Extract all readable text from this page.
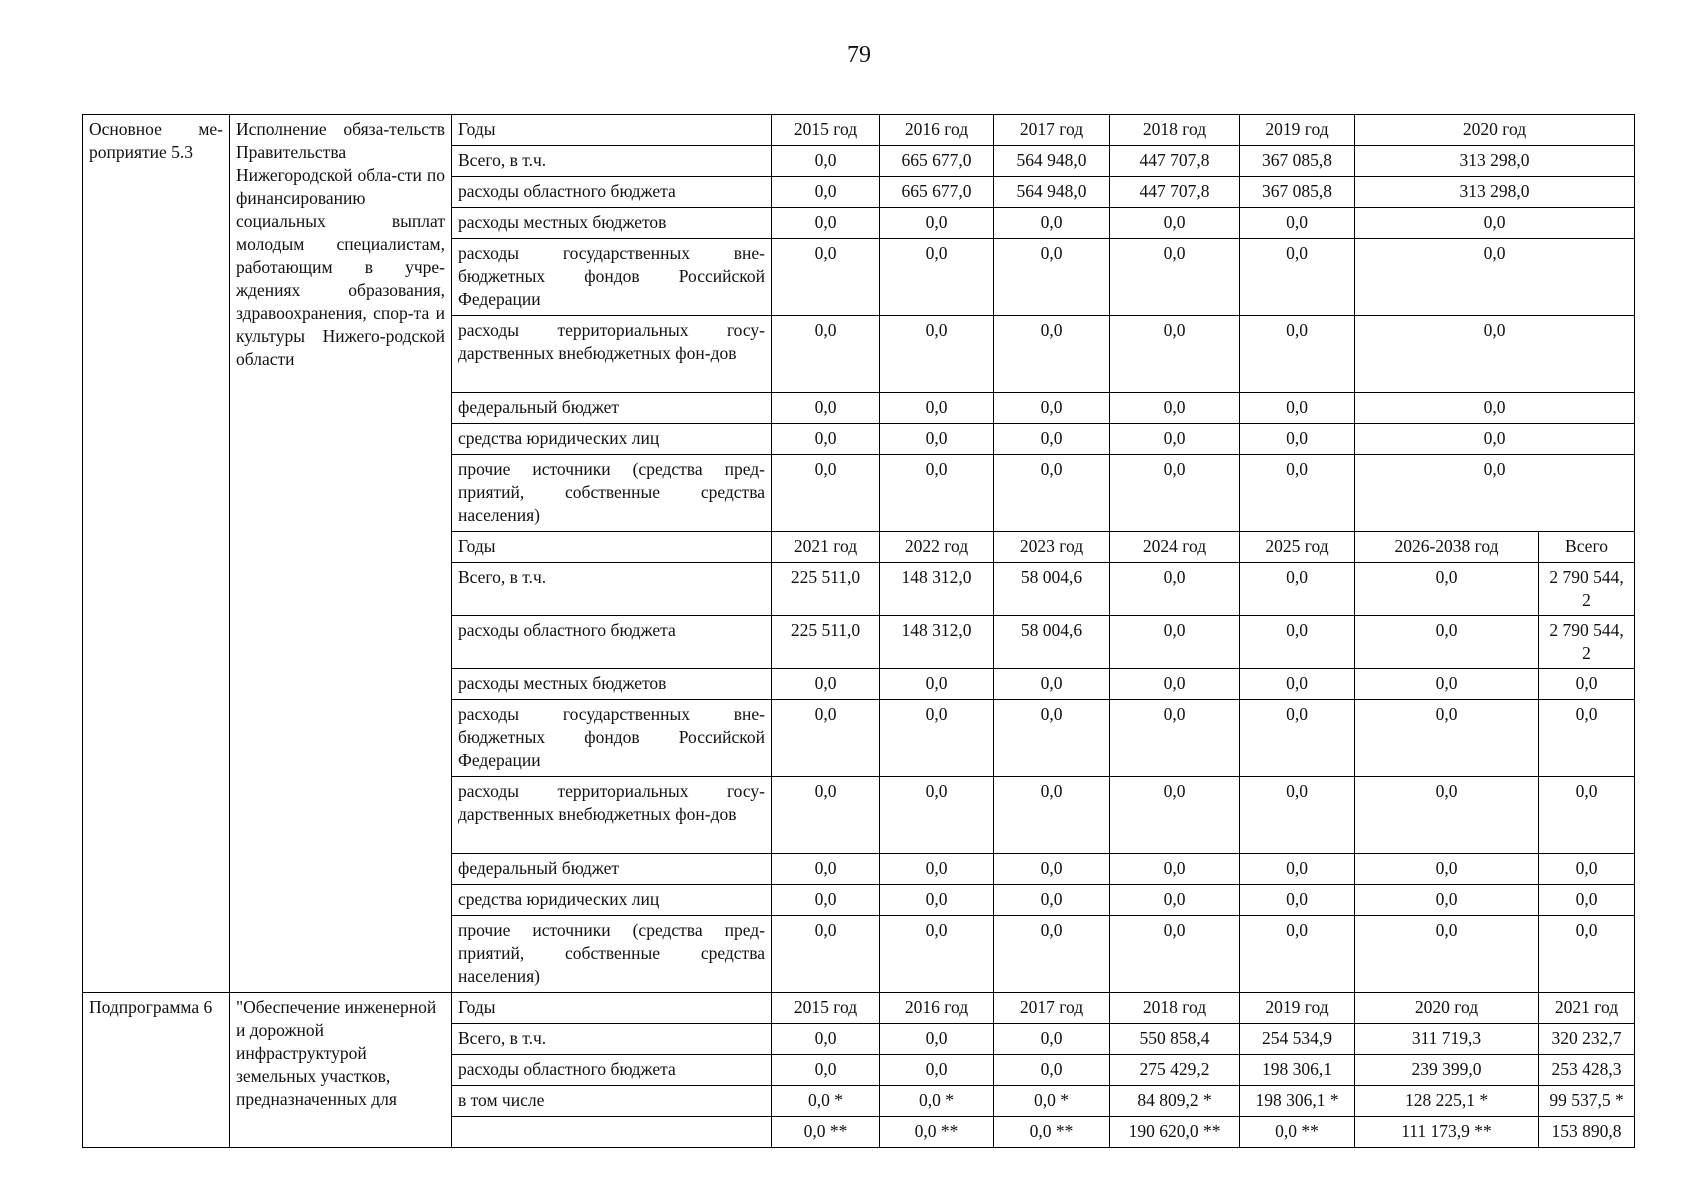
79
Основное ме-роприятие 5.3	Исполнение обяза-тельств Правительства Нижегородской обла-сти по финансированию социальных выплат молодым специалистам, работающим в учре-ждениях образования, здравоохранения, спор-та и культуры Нижего-родской области	Годы	2015 год	2016 год	2017 год	2018 год	2019 год	2020 год	
		Всего, в т.ч.	0,0	665 677,0	564 948,0	447 707,8	367 085,8	313 298,0	
		расходы областного бюджета	0,0	665 677,0	564 948,0	447 707,8	367 085,8	313 298,0	
		расходы местных бюджетов	0,0	0,0	0,0	0,0	0,0	0,0	
		расходы государственных вне-бюджетных фондов Российской Федерации	0,0	0,0	0,0	0,0	0,0	0,0	
		расходы территориальных госу-дарственных внебюджетных фон-дов	0,0	0,0	0,0	0,0	0,0	0,0	
		федеральный бюджет	0,0	0,0	0,0	0,0	0,0	0,0	
		средства юридических лиц	0,0	0,0	0,0	0,0	0,0	0,0	
		прочие источники (средства пред-приятий, собственные средства населения)	0,0	0,0	0,0	0,0	0,0	0,0	
		Годы	2021 год	2022 год	2023 год	2024 год	2025 год	2026-2038 год	Всего
		Всего, в т.ч.	225 511,0	148 312,0	58 004,6	0,0	0,0	0,0	2 790 544,2
		расходы областного бюджета	225 511,0	148 312,0	58 004,6	0,0	0,0	0,0	2 790 544,2
		расходы местных бюджетов	0,0	0,0	0,0	0,0	0,0	0,0	0,0
		расходы государственных вне-бюджетных фондов Российской Федерации	0,0	0,0	0,0	0,0	0,0	0,0	0,0
		расходы территориальных госу-дарственных внебюджетных фон-дов	0,0	0,0	0,0	0,0	0,0	0,0	0,0
		федеральный бюджет	0,0	0,0	0,0	0,0	0,0	0,0	0,0
		средства юридических лиц	0,0	0,0	0,0	0,0	0,0	0,0	0,0
		прочие источники (средства пред-приятий, собственные средства населения)	0,0	0,0	0,0	0,0	0,0	0,0	0,0
Подпрограмма 6	"Обеспечение инженерной и дорожной инфраструктурой земельных участков, предназначенных для	Годы	2015 год	2016 год	2017 год	2018 год	2019 год	2020 год	2021 год
		Всего, в т.ч.	0,0	0,0	0,0	550 858,4	254 534,9	311 719,3	320 232,7
		расходы областного бюджета	0,0	0,0	0,0	275 429,2	198 306,1	239 399,0	253 428,3
		в том числе	0,0 *	0,0 *	0,0 *	84 809,2 *	198 306,1 *	128 225,1 *	99 537,5 *
			0,0 **	0,0 **	0,0 **	190 620,0 **	0,0 **	111 173,9 **	153 890,8
